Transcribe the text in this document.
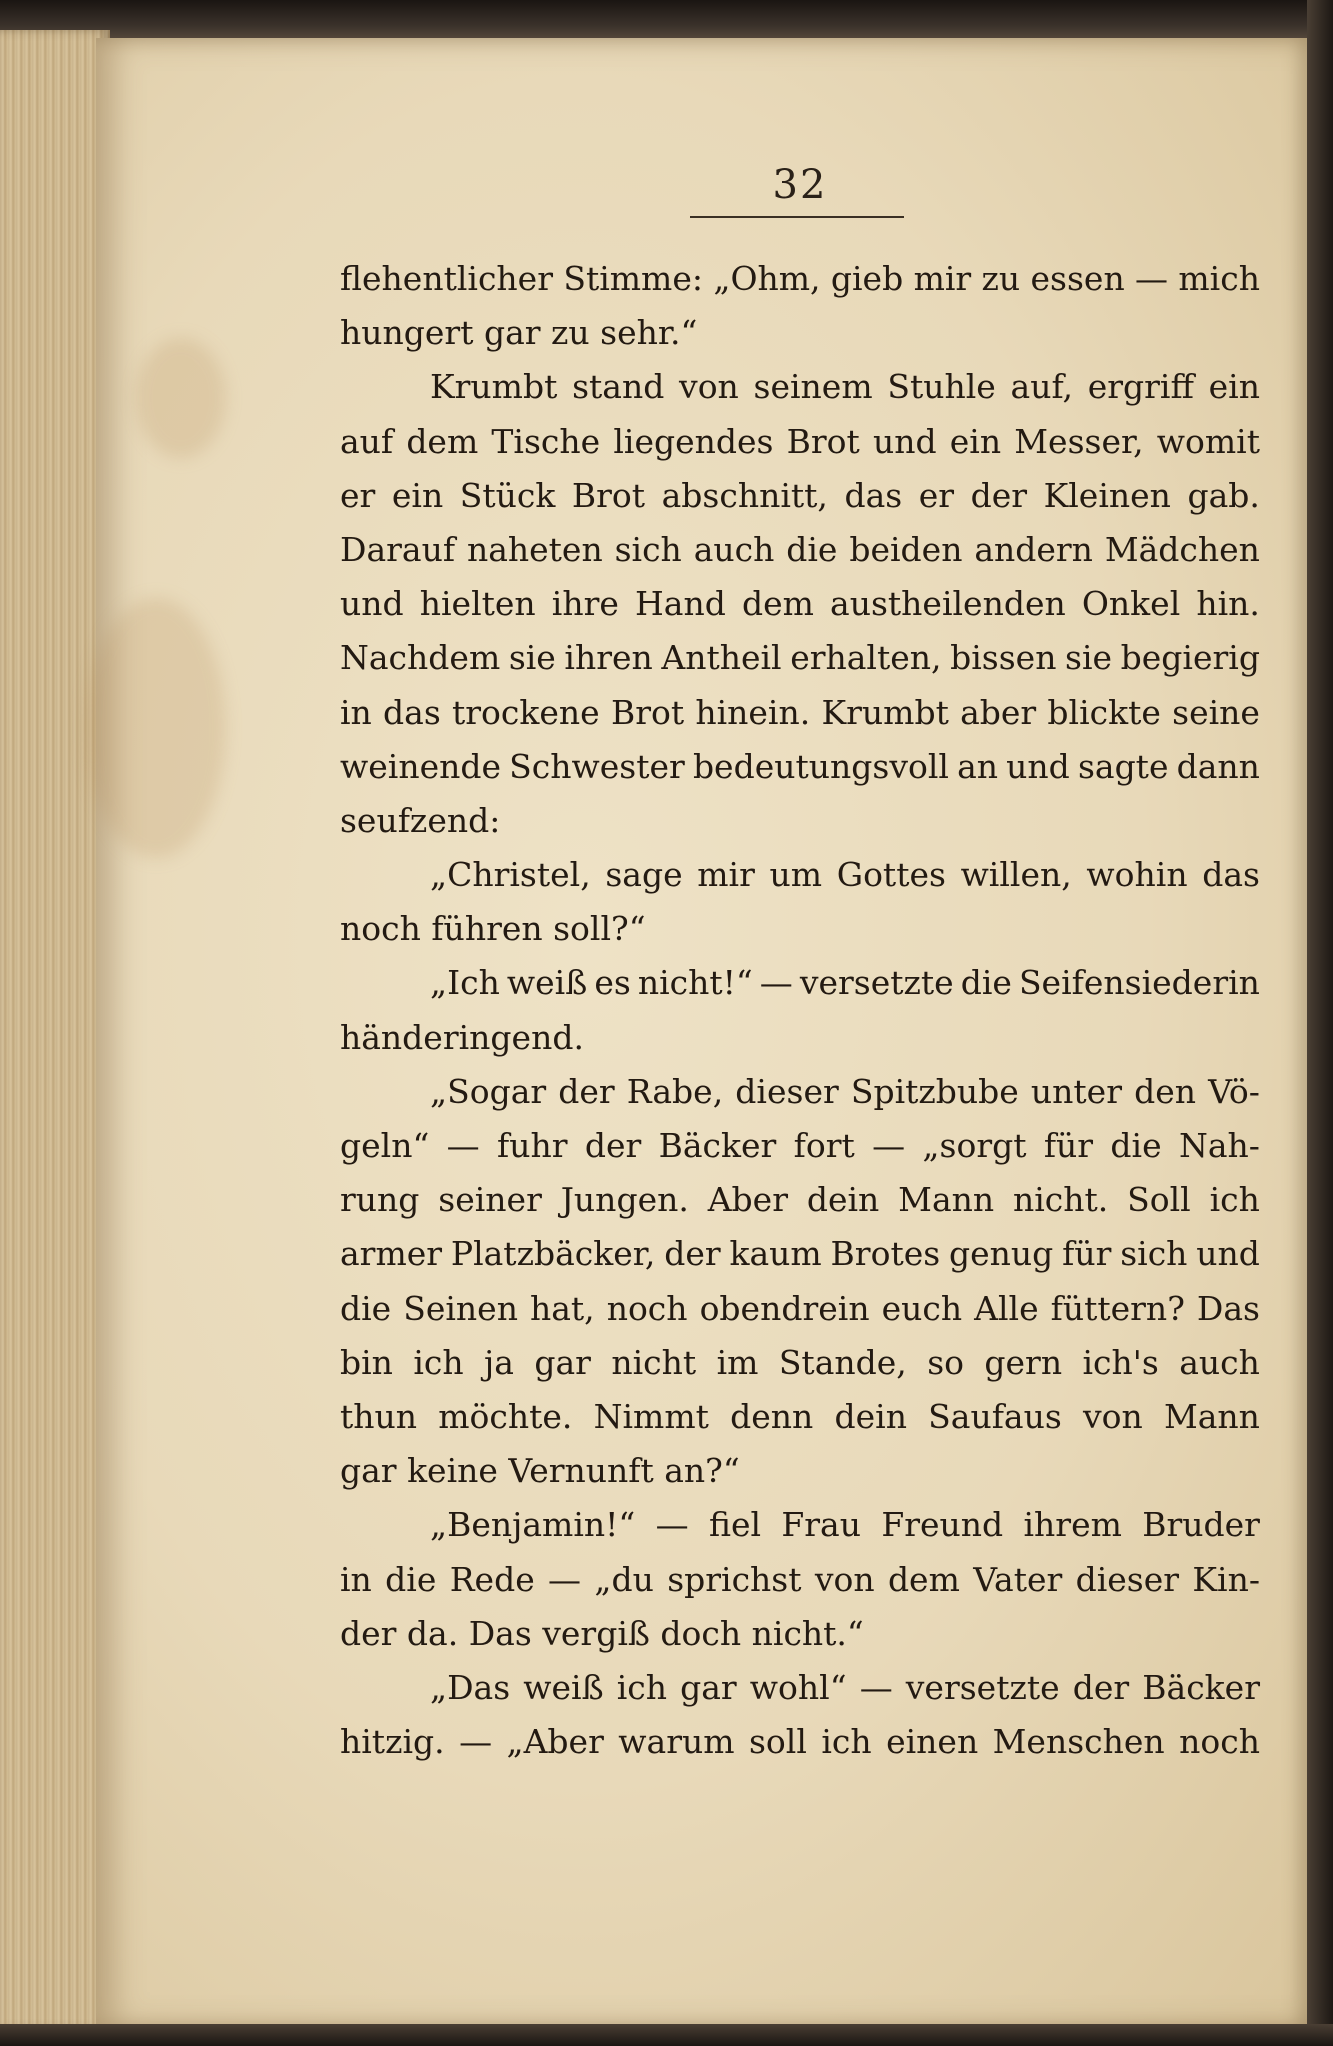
32
flehentlicher Stimme: „Ohm, gieb mir zu essen — mich
hungert gar zu sehr.“
Krumbt stand von seinem Stuhle auf, ergriff ein
auf dem Tische liegendes Brot und ein Messer, womit
er ein Stück Brot abschnitt, das er der Kleinen gab.
Darauf naheten sich auch die beiden andern Mädchen
und hielten ihre Hand dem austheilenden Onkel hin.
Nachdem sie ihren Antheil erhalten, bissen sie begierig
in das trockene Brot hinein. Krumbt aber blickte seine
weinende Schwester bedeutungsvoll an und sagte dann
seufzend:
„Christel, sage mir um Gottes willen, wohin das
noch führen soll?“
„Ich weiß es nicht!“ — versetzte die Seifensiederin
händeringend.
„Sogar der Rabe, dieser Spitzbube unter den Vö-
geln“ — fuhr der Bäcker fort — „sorgt für die Nah-
rung seiner Jungen. Aber dein Mann nicht. Soll ich
armer Platzbäcker, der kaum Brotes genug für sich und
die Seinen hat, noch obendrein euch Alle füttern? Das
bin ich ja gar nicht im Stande, so gern ich's auch
thun möchte. Nimmt denn dein Saufaus von Mann
gar keine Vernunft an?“
„Benjamin!“ — fiel Frau Freund ihrem Bruder
in die Rede — „du sprichst von dem Vater dieser Kin-
der da. Das vergiß doch nicht.“
„Das weiß ich gar wohl“ — versetzte der Bäcker
hitzig. — „Aber warum soll ich einen Menschen noch
